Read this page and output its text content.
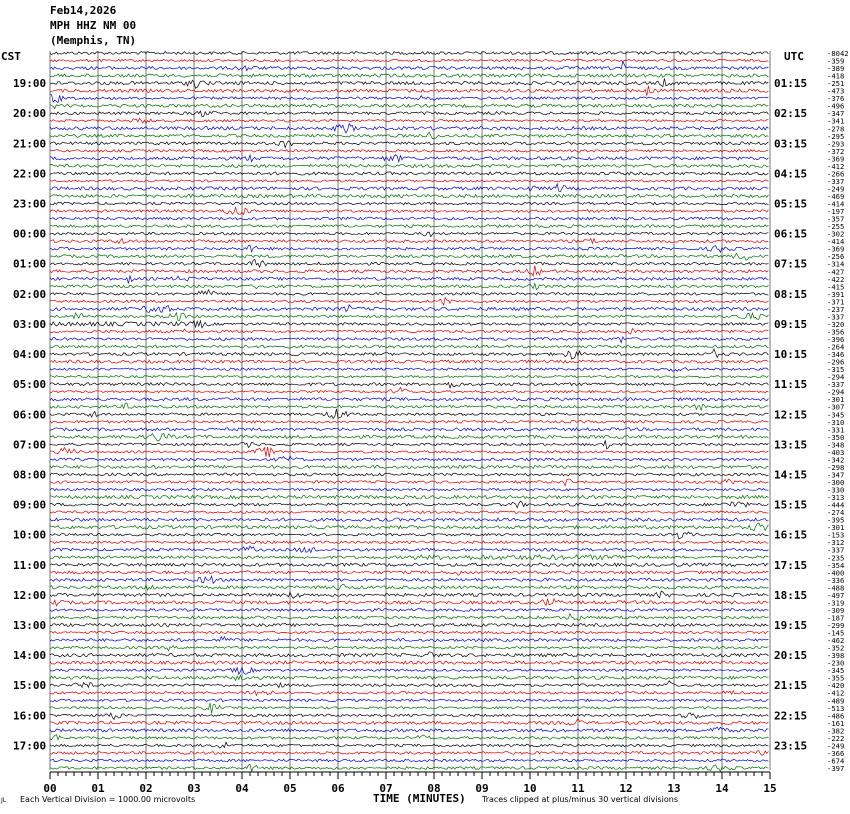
Feb14,2026
MPH HHZ NM 00
(Memphis, TN)
CST	UTC	-8042
-359
-389
-418
-251
-473
-376
-496
-347
-341
-278
-295
-293
-372
-369
-412
-266
-337
-249
-469
-414
-197
-357
-255
-302
-414
-369
-256
-314
-427
-422
-415
-391
-371
-237
-337
-320
-356
-396
-264
-346
-296
-315
-294
-337
-294
-301
-307
-345
-310
-331
-350
-348
-403
-342
-298
-347
-300
-330
-313
-444
-274
-395
-301
-153
-312
-337
-235
-354
-400
-336
-488
-497
-319
-309
-187
-299
-145
-462
-352
-398
-230
-345
-355
-420
-412
-489
-513
-486
-161
-382
-222
-249
-366
-674
-397
19:00
20:00
21:00
22:00
23:00
00:00
01:00
02:00
03:00
04:00
05:00
06:00
07:00
08:00
09:00
10:00
11:00
12:00
13:00
14:00
15:00
16:00
17:00
01:15
02:15
03:15
04:15
05:15
06:15
07:15
08:15
09:15
10:15
11:15
12:15
13:15
14:15
15:15
16:15
17:15
18:15
19:15
20:15
21:15
22:15
23:15
00	01	02	03	04	05	06	07	08	09	10	11	12	13	14	15
JL Each Vertical Division = 1000.00 microvolts	TIME (MINUTES) Traces clipped at plus/minus 30 vertical divisions
